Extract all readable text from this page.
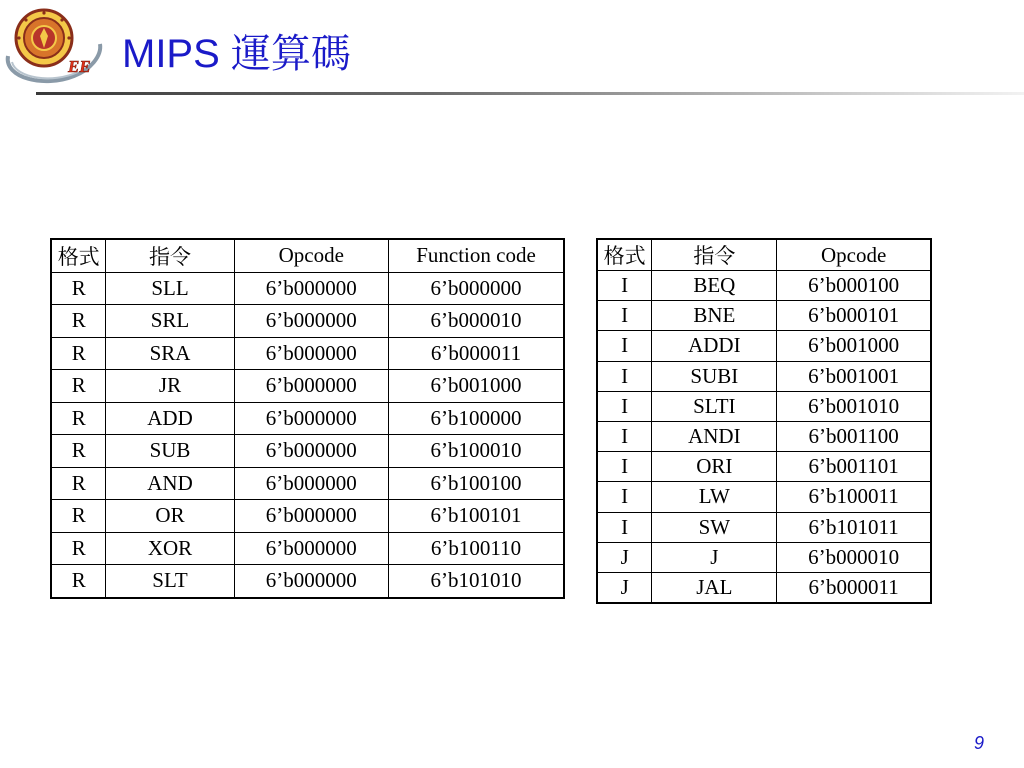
EE MIPS 運算碼
格式	指令	Opcode	Function code
R	SLL	6’b000000	6’b000000
R	SRL	6’b000000	6’b000010
R	SRA	6’b000000	6’b000011
R	JR	6’b000000	6’b001000
R	ADD	6’b000000	6’b100000
R	SUB	6’b000000	6’b100010
R	AND	6’b000000	6’b100100
R	OR	6’b000000	6’b100101
R	XOR	6’b000000	6’b100110
R	SLT	6’b000000	6’b101010
格式	指令	Opcode
I	BEQ	6’b000100
I	BNE	6’b000101
I	ADDI	6’b001000
I	SUBI	6’b001001
I	SLTI	6’b001010
I	ANDI	6’b001100
I	ORI	6’b001101
I	LW	6’b100011
I	SW	6’b101011
J	J	6’b000010
J	JAL	6’b000011
9
